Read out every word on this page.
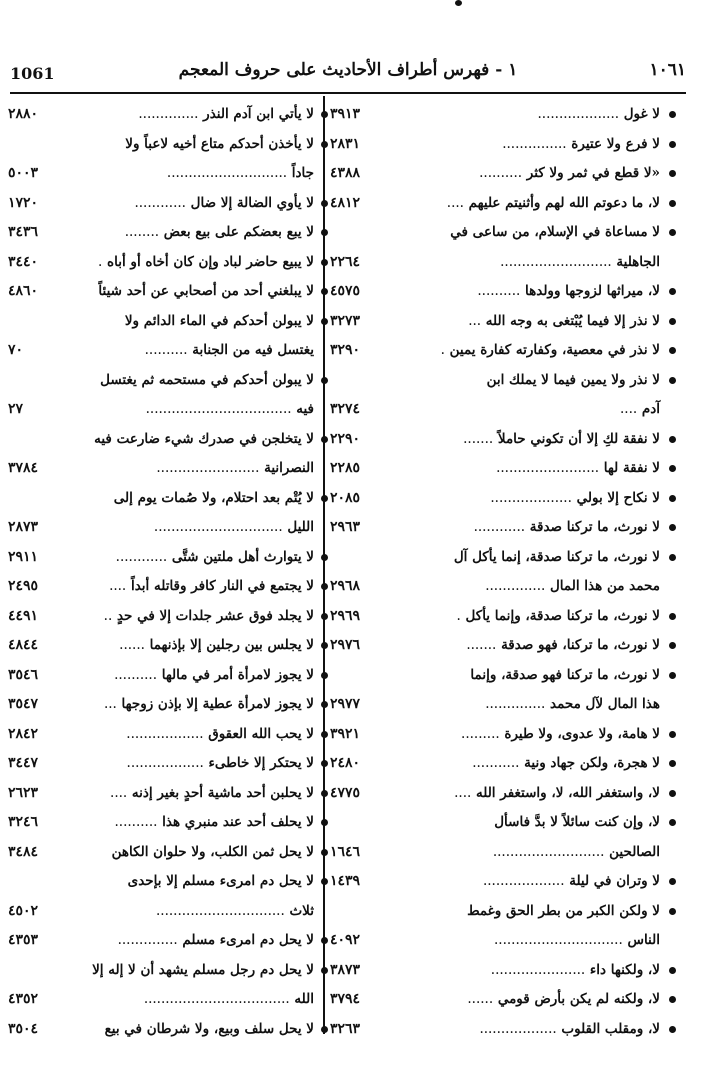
1061	١ - فهرس أطراف الأحاديث على حروف المعجم	١٠٦١
لا غول ...................
٣٩١٣
لا فرع ولا عتيرة ...............
٢٨٣١
«لا قطع في ثمر ولا كثر ..........
٤٣٨٨
لا، ما دعوتم الله لهم وأثنيتم عليهم ....
٤٨١٢
لا مساعاة في الإسلام، من ساعى في
الجاهلية ..........................
٢٢٦٤
لا، ميراثها لزوجها وولدها ..........
٤٥٧٥
لا نذر إلا فيما يُبْتغى به وجه الله ...
٣٢٧٣
لا نذر في معصية، وكفارته كفارة يمين .
٣٢٩٠
لا نذر ولا يمين فيما لا يملك ابن
آدم ....
٣٢٧٤
لا نفقة لكِ إلا أن تكوني حاملاً .......
٢٢٩٠
لا نفقة لها ........................
٢٢٨٥
لا نكاح إلا بولي ...................
٢٠٨٥
لا نورث، ما تركنا صدقة ............
٢٩٦٣
لا نورث، ما تركنا صدقة، إنما يأكل آل
محمد من هذا المال ..............
٢٩٦٨
لا نورث، ما تركنا صدقة، وإنما يأكل .
٢٩٦٩
لا نورث، ما تركنا، فهو صدقة .......
٢٩٧٦
لا نورث، ما تركنا فهو صدقة، وإنما
هذا المال لآل محمد ..............
٢٩٧٧
لا هامة، ولا عدوى، ولا طيرة .........
٣٩٢١
لا هجرة، ولكن جهاد ونية ...........
٢٤٨٠
لا، واستغفر الله، لا، واستغفر الله ....
٤٧٧٥
لا، وإن كنت سائلاً لا بدَّ فاسأل
الصالحين ..........................
١٦٤٦
لا وتران في ليلة ...................
١٤٣٩
لا ولكن الكبر من بطر الحق وغمط
الناس ..............................
٤٠٩٢
لا، ولكنها داء ......................
٣٨٧٣
لا، ولكنه لم يكن بأرض قومي ......
٣٧٩٤
لا، ومقلب القلوب ..................
٣٢٦٣
لا يأتي ابن آدم النذر ..............
٢٨٨٠
لا يأخذن أحدكم متاع أخيه لاعباً ولا
جاداً ............................
٥٠٠٣
لا يأوي الضالة إلا ضال ............
١٧٢٠
لا يبع بعضكم على بيع بعض ........
٣٤٣٦
لا يبيع حاضر لباد وإن كان أخاه أو أباه .
٣٤٤٠
لا يبلغني أحد من أصحابي عن أحد شيئاً
٤٨٦٠
لا يبولن أحدكم في الماء الدائم ولا
يغتسل فيه من الجنابة ..........
٧٠
لا يبولن أحدكم في مستحمه ثم يغتسل
فيه ..................................
٢٧
لا يتخلجن في صدرك شيء ضارعت فيه
النصرانية ........................
٣٧٨٤
لا يُتْم بعد احتلام، ولا صُمات يوم إلى
الليل ..............................
٢٨٧٣
لا يتوارث أهل ملتين شتَّى ............
٢٩١١
لا يجتمع في النار كافر وقاتله أبداً ....
٢٤٩٥
لا يجلد فوق عشر جلدات إلا في حدٍ ..
٤٤٩١
لا يجلس بين رجلين إلا بإذنهما ......
٤٨٤٤
لا يجوز لامرأة أمر في مالها ..........
٣٥٤٦
لا يجوز لامرأة عطية إلا بإذن زوجها ...
٣٥٤٧
لا يحب الله العقوق ..................
٢٨٤٢
لا يحتكر إلا خاطىء ..................
٣٤٤٧
لا يحلبن أحد ماشية أحدٍ بغير إذنه ....
٢٦٢٣
لا يحلف أحد عند منبري هذا ..........
٣٢٤٦
لا يحل ثمن الكلب، ولا حلوان الكاهن
٣٤٨٤
لا يحل دم امرىء مسلم إلا بإحدى
ثلاث ..............................
٤٥٠٢
لا يحل دم امرىء مسلم ..............
٤٣٥٣
لا يحل دم رجل مسلم يشهد أن لا إله إلا
الله ..................................
٤٣٥٢
لا يحل سلف وبيع، ولا شرطان في بيع
٣٥٠٤
